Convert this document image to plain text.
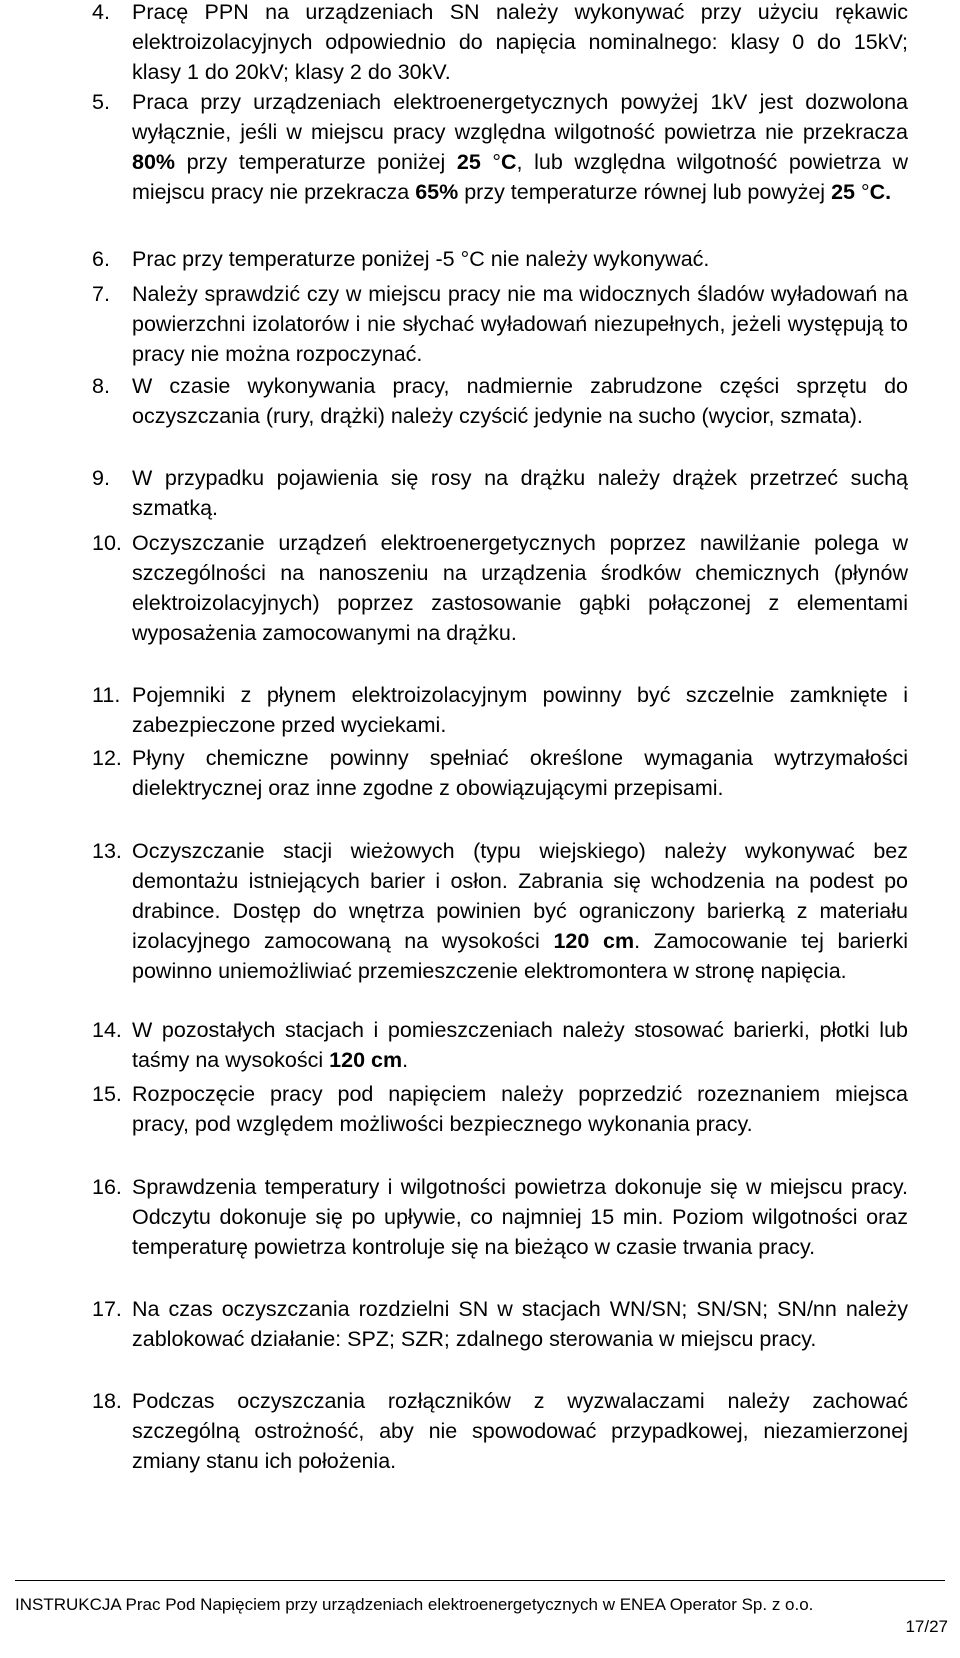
4.	Pracę PPN na urządzeniach SN należy wykonywać przy użyciu rękawic elektroizolacyjnych odpowiednio do napięcia nominalnego: klasy 0 do 15kV; klasy 1 do 20kV; klasy 2 do 30kV.
5.	Praca przy urządzeniach elektroenergetycznych powyżej 1kV jest dozwolona wyłącznie, jeśli w miejscu pracy względna wilgotność powietrza nie przekracza 80% przy temperaturze poniżej 25 °C, lub względna wilgotność powietrza w miejscu pracy nie przekracza 65% przy temperaturze równej lub powyżej 25 °C.
6.	Prac przy temperaturze poniżej -5 °C nie należy wykonywać.
7.	Należy sprawdzić czy w miejscu pracy nie ma widocznych śladów wyładowań na powierzchni izolatorów i nie słychać wyładowań niezupełnych, jeżeli występują to pracy nie można rozpoczynać.
8.	W czasie wykonywania pracy, nadmiernie zabrudzone części sprzętu do oczyszczania (rury, drążki) należy czyścić jedynie na sucho (wycior, szmata).
9.	W przypadku pojawienia się rosy na drążku należy drążek przetrzeć suchą szmatką.
10. Oczyszczanie urządzeń elektroenergetycznych poprzez nawilżanie polega w szczególności na nanoszeniu na urządzenia środków chemicznych (płynów elektroizolacyjnych) poprzez zastosowanie gąbki połączonej z elementami wyposażenia zamocowanymi na drążku.
11. Pojemniki z płynem elektroizolacyjnym powinny być szczelnie zamknięte i zabezpieczone przed wyciekami.
12. Płyny chemiczne powinny spełniać określone wymagania wytrzymałości dielektrycznej oraz inne zgodne z obowiązującymi przepisami.
13. Oczyszczanie stacji wieżowych (typu wiejskiego) należy wykonywać bez demontażu istniejących barier i osłon. Zabrania się wchodzenia na podest po drabince. Dostęp do wnętrza powinien być ograniczony barierką z materiału izolacyjnego zamocowaną na wysokości 120 cm. Zamocowanie tej barierki powinno uniemożliwiać przemieszczenie elektromontera w stronę napięcia.
14. W pozostałych stacjach i pomieszczeniach należy stosować barierki, płotki lub taśmy na wysokości 120 cm.
15. Rozpoczęcie pracy pod napięciem należy poprzedzić rozeznaniem miejsca pracy, pod względem możliwości bezpiecznego wykonania pracy.
16. Sprawdzenia temperatury i wilgotności powietrza dokonuje się w miejscu pracy. Odczytu dokonuje się po upływie, co najmniej 15 min. Poziom wilgotności oraz temperaturę powietrza kontroluje się na bieżąco w czasie trwania pracy.
17. Na czas oczyszczania rozdzielni SN w stacjach WN/SN; SN/SN; SN/nn należy zablokować działanie: SPZ; SZR; zdalnego sterowania w miejscu pracy.
18. Podczas oczyszczania rozłączników z wyzwalaczami należy zachować szczególną ostrożność, aby nie spowodować przypadkowej, niezamierzonej zmiany stanu ich położenia.
INSTRUKCJA Prac Pod Napięciem przy urządzeniach elektroenergetycznych w ENEA Operator Sp. z o.o.
17/27
